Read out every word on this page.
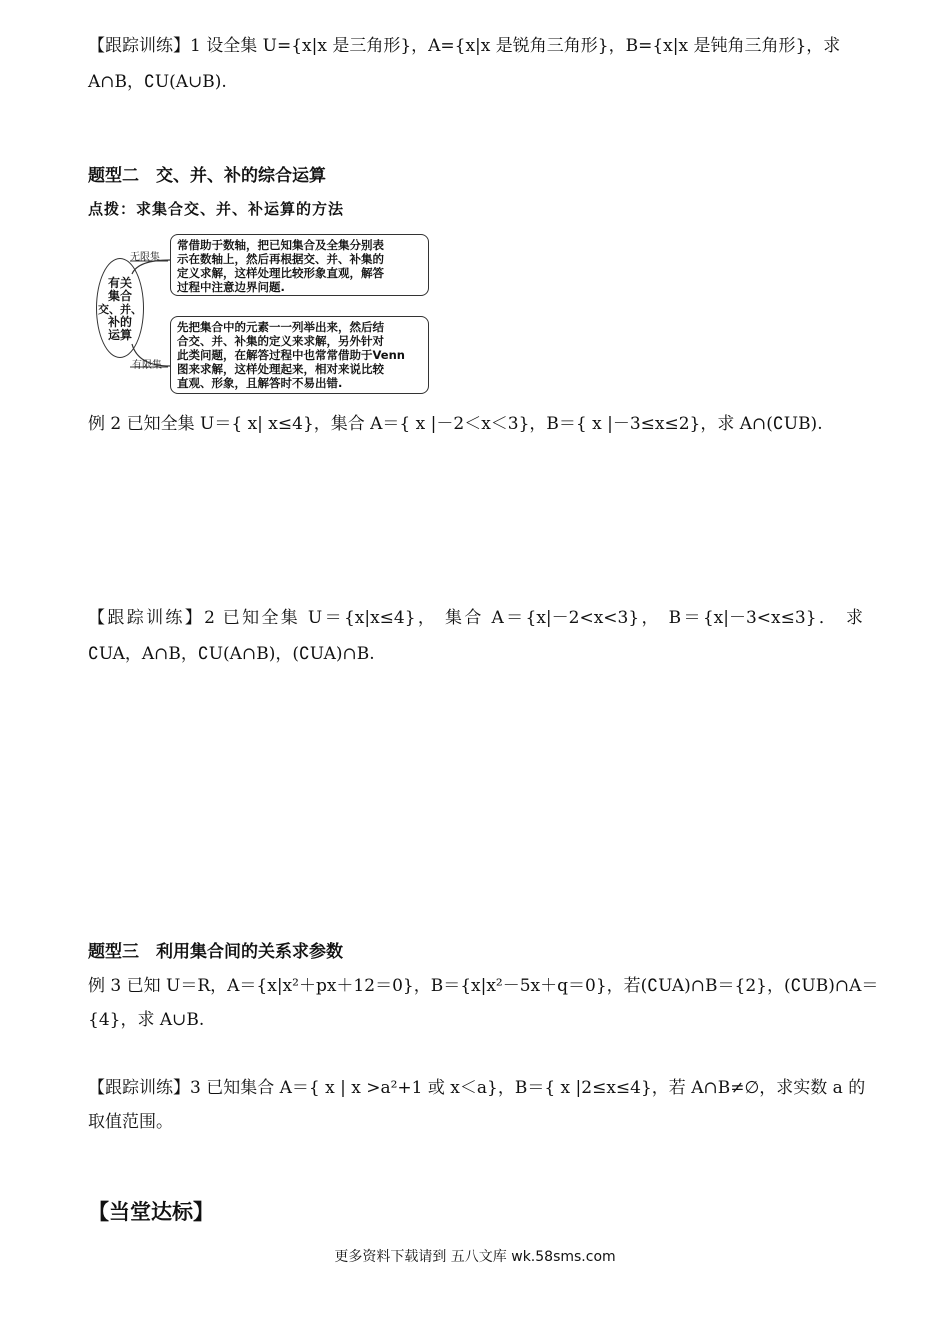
【跟踪训练】1 设全集 U={x|x 是三角形}，A={x|x 是锐角三角形}，B={x|x 是钝角三角形}，求
A∩B，∁U(A∪B).
题型二　交、并、补的综合运算
点拨：求集合交、并、补运算的方法
无限集
有限集
有关
集合
交、并、
补的
运算
常借助于数轴，把已知集合及全集分别表
示在数轴上，然后再根据交、并、补集的
定义求解，这样处理比较形象直观，解答
过程中注意边界问题.
先把集合中的元素一一列举出来，然后结
合交、并、补集的定义来求解，另外针对
此类问题，在解答过程中也常常借助于Venn
图来求解，这样处理起来，相对来说比较
直观、形象，且解答时不易出错.
例 2 已知全集 U＝{ x| x≤4}，集合 A＝{ x |－2＜x＜3}，B＝{ x |－3≤x≤2}，求 A∩(∁UB).
【跟踪训练】2 已知全集 U＝{x|x≤4}， 集合 A＝{x|－2<x<3}， B＝{x|－3<x≤3}． 求
∁UA，A∩B，∁U(A∩B)，(∁UA)∩B.
题型三　利用集合间的关系求参数
例 3 已知 U＝R，A＝{x|x²＋px＋12＝0}，B＝{x|x²－5x＋q＝0}，若(∁UA)∩B＝{2}，(∁UB)∩A＝
{4}，求 A∪B.
【跟踪训练】3 已知集合 A＝{ x | x >a²+1 或 x＜a}，B＝{ x |2≤x≤4}，若 A∩B≠∅，求实数 a 的
取值范围。
【当堂达标】
更多资料下载请到 五八文库 wk.58sms.com
